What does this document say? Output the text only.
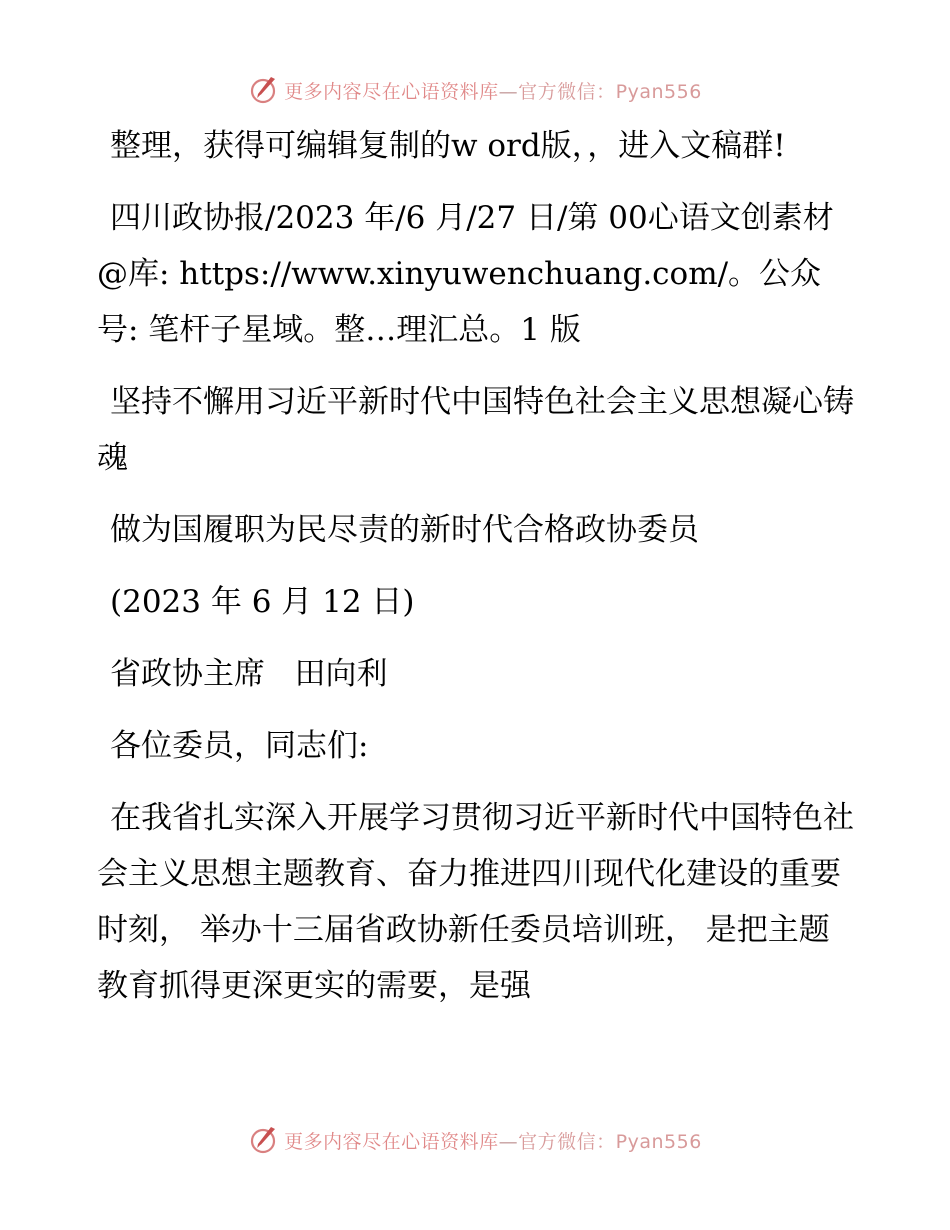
更多内容尽在心语资料库—官方微信：Pyan556

整理，获得可编辑复制的w ord版，，进入文稿群!

四川政协报/2023 年/6 月/27 日/第 00心语文创素材@库: https://www.xinyuwenchuang.com/。公众号: 笔杆子星域。整…理汇总。1 版

坚持不懈用习近平新时代中国特色社会主义思想凝心铸魂

做为国履职为民尽责的新时代合格政协委员

(2023 年 6 月 12 日)

省政协主席   田向利

各位委员，同志们:

在我省扎实深入开展学习贯彻习近平新时代中国特色社会主义思想主题教育、奋力推进四川现代化建设的重要时刻， 举办十三届省政协新任委员培训班， 是把主题教育抓得更深更实的需要，是强

更多内容尽在心语资料库—官方微信：Pyan556
